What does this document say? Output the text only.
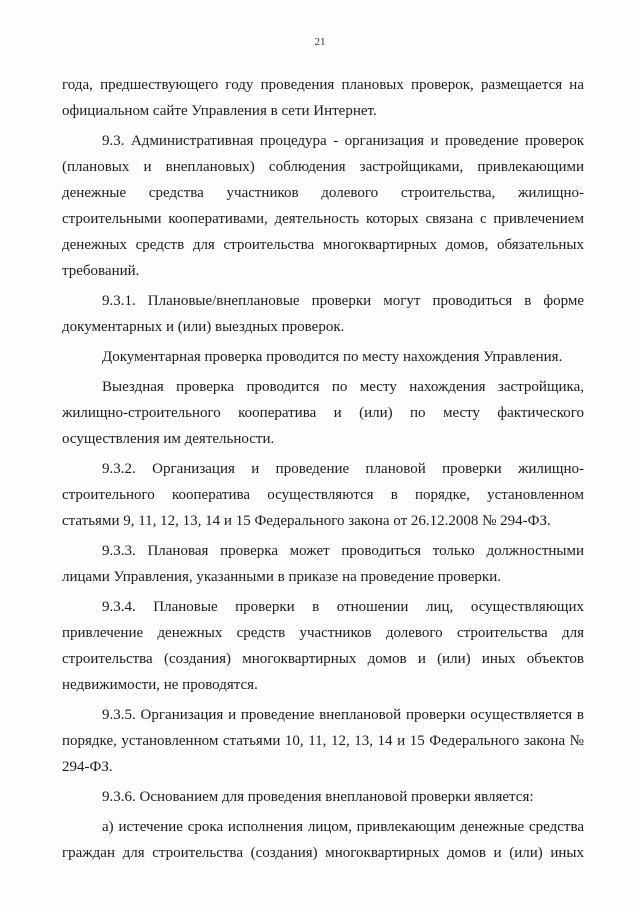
21
года, предшествующего году проведения плановых проверок, размещается на
официальном сайте Управления в сети Интернет.
9.3. Административная процедура - организация и проведение проверок
(плановых и внеплановых) соблюдения застройщиками, привлекающими
денежные средства участников долевого строительства, жилищно-
строительными кооперативами, деятельность которых связана с привлечением
денежных средств для строительства многоквартирных домов, обязательных
требований.
9.3.1. Плановые/внеплановые проверки могут проводиться в форме
документарных и (или) выездных проверок.
Документарная проверка проводится по месту нахождения Управления.
Выездная проверка проводится по месту нахождения застройщика,
жилищно-строительного кооператива и (или) по месту фактического
осуществления им деятельности.
9.3.2. Организация и проведение плановой проверки жилищно-
строительного кооператива осуществляются в порядке, установленном
статьями 9, 11, 12, 13, 14 и 15 Федерального закона от 26.12.2008 № 294-ФЗ.
9.3.3. Плановая проверка может проводиться только должностными
лицами Управления, указанными в приказе на проведение проверки.
9.3.4. Плановые проверки в отношении лиц, осуществляющих
привлечение денежных средств участников долевого строительства для
строительства (создания) многоквартирных домов и (или) иных объектов
недвижимости, не проводятся.
9.3.5. Организация и проведение внеплановой проверки осуществляется в
порядке, установленном статьями 10, 11, 12, 13, 14 и 15 Федерального закона №
294-ФЗ.
9.3.6. Основанием для проведения внеплановой проверки является:
а) истечение срока исполнения лицом, привлекающим денежные средства
граждан для строительства (создания) многоквартирных домов и (или) иных
